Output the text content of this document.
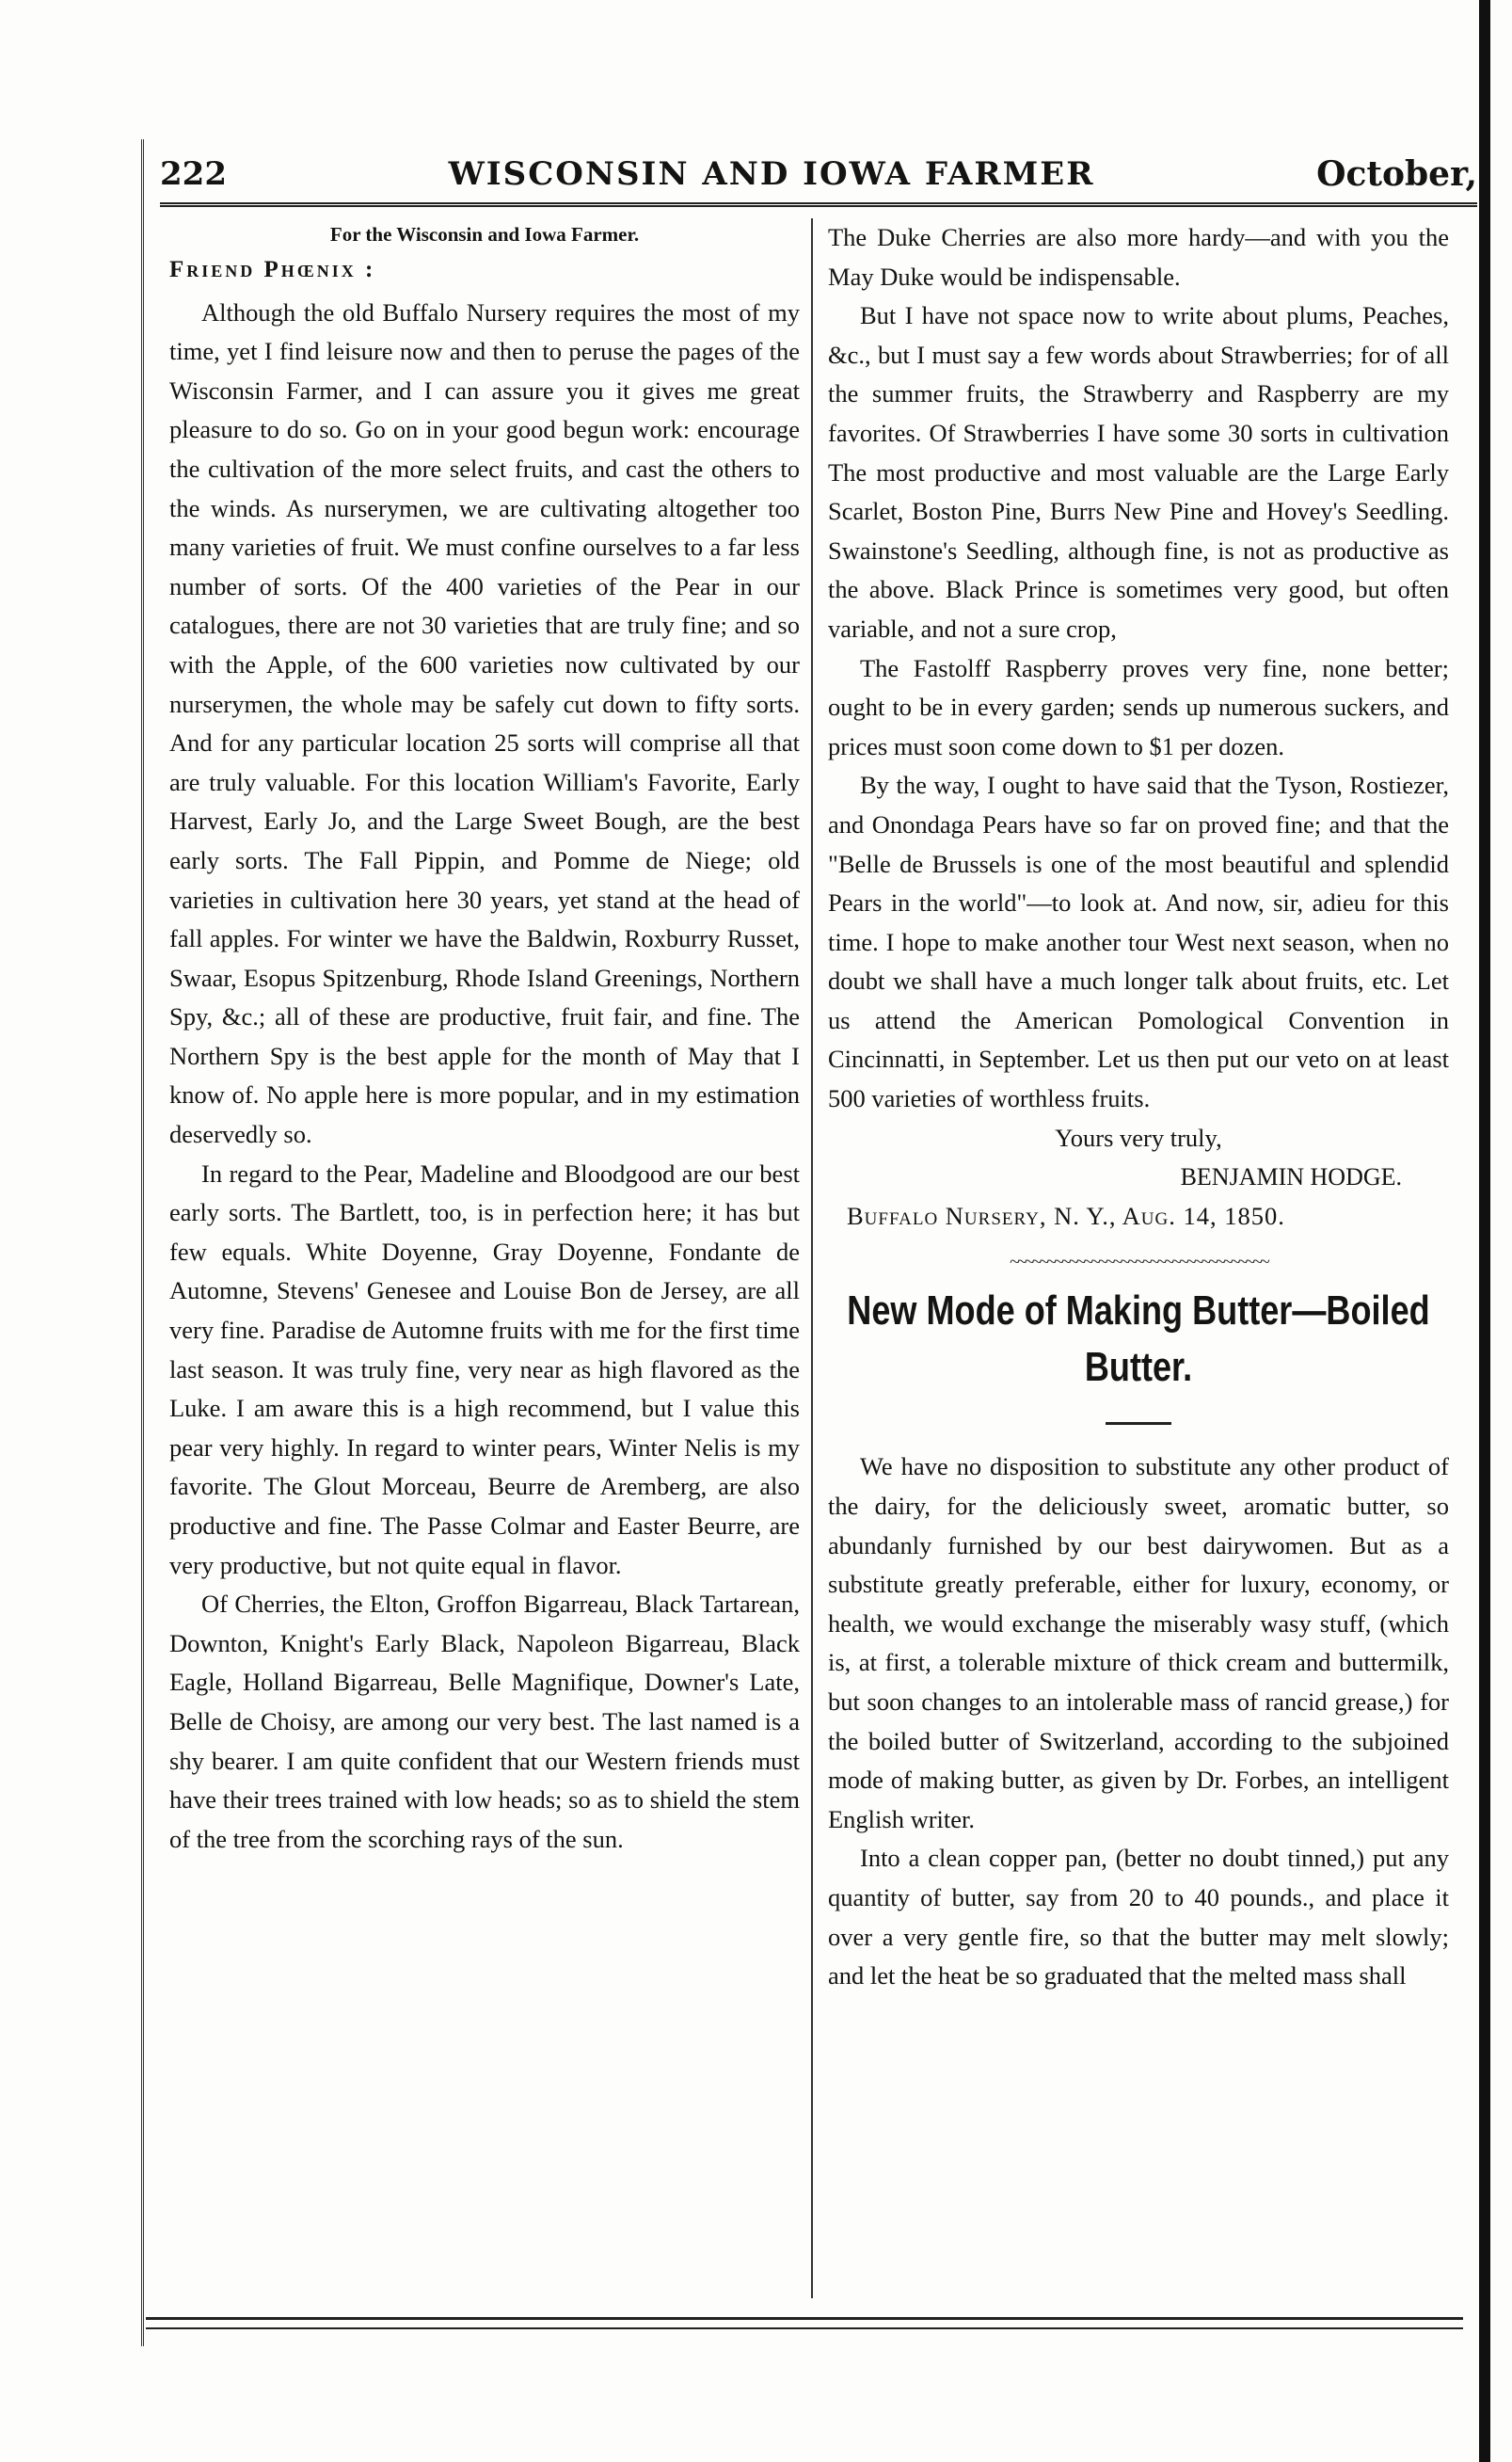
222	WISCONSIN AND IOWA FARMER	October,
For the Wisconsin and Iowa Farmer.
Friend Phœnix :

Although the old Buffalo Nursery requires the most of my time, yet I find leisure now and then to peruse the pages of the Wisconsin Farmer, and I can assure you it gives me great pleasure to do so. Go on in your good begun work: encourage the cultivation of the more select fruits, and cast the others to the winds. As nurserymen, we are cultivating altogether too many varieties of fruit. We must confine ourselves to a far less number of sorts. Of the 400 varieties of the Pear in our catalogues, there are not 30 varieties that are truly fine; and so with the Apple, of the 600 varieties now cultivated by our nurserymen, the whole may be safely cut down to fifty sorts. And for any particular location 25 sorts will comprise all that are truly valuable. For this location William's Favorite, Early Harvest, Early Jo, and the Large Sweet Bough, are the best early sorts. The Fall Pippin, and Pomme de Niege; old varieties in cultivation here 30 years, yet stand at the head of fall apples. For winter we have the Baldwin, Roxburry Russet, Swaar, Esopus Spitzenburg, Rhode Island Greenings, Northern Spy, &c.; all of these are productive, fruit fair, and fine. The Northern Spy is the best apple for the month of May that I know of. No apple here is more popular, and in my estimation deservedly so.

In regard to the Pear, Madeline and Bloodgood are our best early sorts. The Bartlett, too, is in perfection here; it has but few equals. White Doyenne, Gray Doyenne, Fondante de Automne, Stevens' Genesee and Louise Bon de Jersey, are all very fine. Paradise de Automne fruits with me for the first time last season. It was truly fine, very near as high flavored as the Luke. I am aware this is a high recommend, but I value this pear very highly. In regard to winter pears, Winter Nelis is my favorite. The Glout Morceau, Beurre de Aremberg, are also productive and fine. The Passe Colmar and Easter Beurre, are very productive, but not quite equal in flavor.

Of Cherries, the Elton, Groffon Bigarreau, Black Tartarean, Downton, Knight's Early Black, Napoleon Bigarreau, Black Eagle, Holland Bigarreau, Belle Magnifique, Downer's Late, Belle de Choisy, are among our very best. The last named is a shy bearer. I am quite confident that our Western friends must have their trees trained with low heads; so as to shield the stem of the tree from the scorching rays of the sun.

The Duke Cherries are also more hardy—and with you the May Duke would be indispensable.

But I have not space now to write about plums, Peaches, &c., but I must say a few words about Strawberries; for of all the summer fruits, the Strawberry and Raspberry are my favorites. Of Strawberries I have some 30 sorts in cultivation The most productive and most valuable are the Large Early Scarlet, Boston Pine, Burrs New Pine and Hovey's Seedling. Swainstone's Seedling, although fine, is not as productive as the above. Black Prince is sometimes very good, but often variable, and not a sure crop,

The Fastolff Raspberry proves very fine, none better; ought to be in every garden; sends up numerous suckers, and prices must soon come down to $1 per dozen.

By the way, I ought to have said that the Tyson, Rostiezer, and Onondaga Pears have so far on proved fine; and that the "Belle de Brussels is one of the most beautiful and splendid Pears in the world"—to look at. And now, sir, adieu for this time. I hope to make another tour West next season, when no doubt we shall have a much longer talk about fruits, etc. Let us attend the American Pomological Convention in Cincinnatti, in September. Let us then put our veto on at least 500 varieties of worthless fruits.

Yours very truly,

BENJAMIN HODGE.

Buffalo Nursery, N. Y., Aug. 14, 1850.

~~~~~~~~~~~~~~~~~~~~~~~~~~~~~~~~~~~
New Mode of Making Butter—Boiled Butter.

We have no disposition to substitute any other product of the dairy, for the deliciously sweet, aromatic butter, so abundanly furnished by our best dairywomen. But as a substitute greatly preferable, either for luxury, economy, or health, we would exchange the miserably wasy stuff, (which is, at first, a tolerable mixture of thick cream and buttermilk, but soon changes to an intolerable mass of rancid grease,) for the boiled butter of Switzerland, according to the subjoined mode of making butter, as given by Dr. Forbes, an intelligent English writer.

Into a clean copper pan, (better no doubt tinned,) put any quantity of butter, say from 20 to 40 pounds., and place it over a very gentle fire, so that the butter may melt slowly; and let the heat be so graduated that the melted mass shall
